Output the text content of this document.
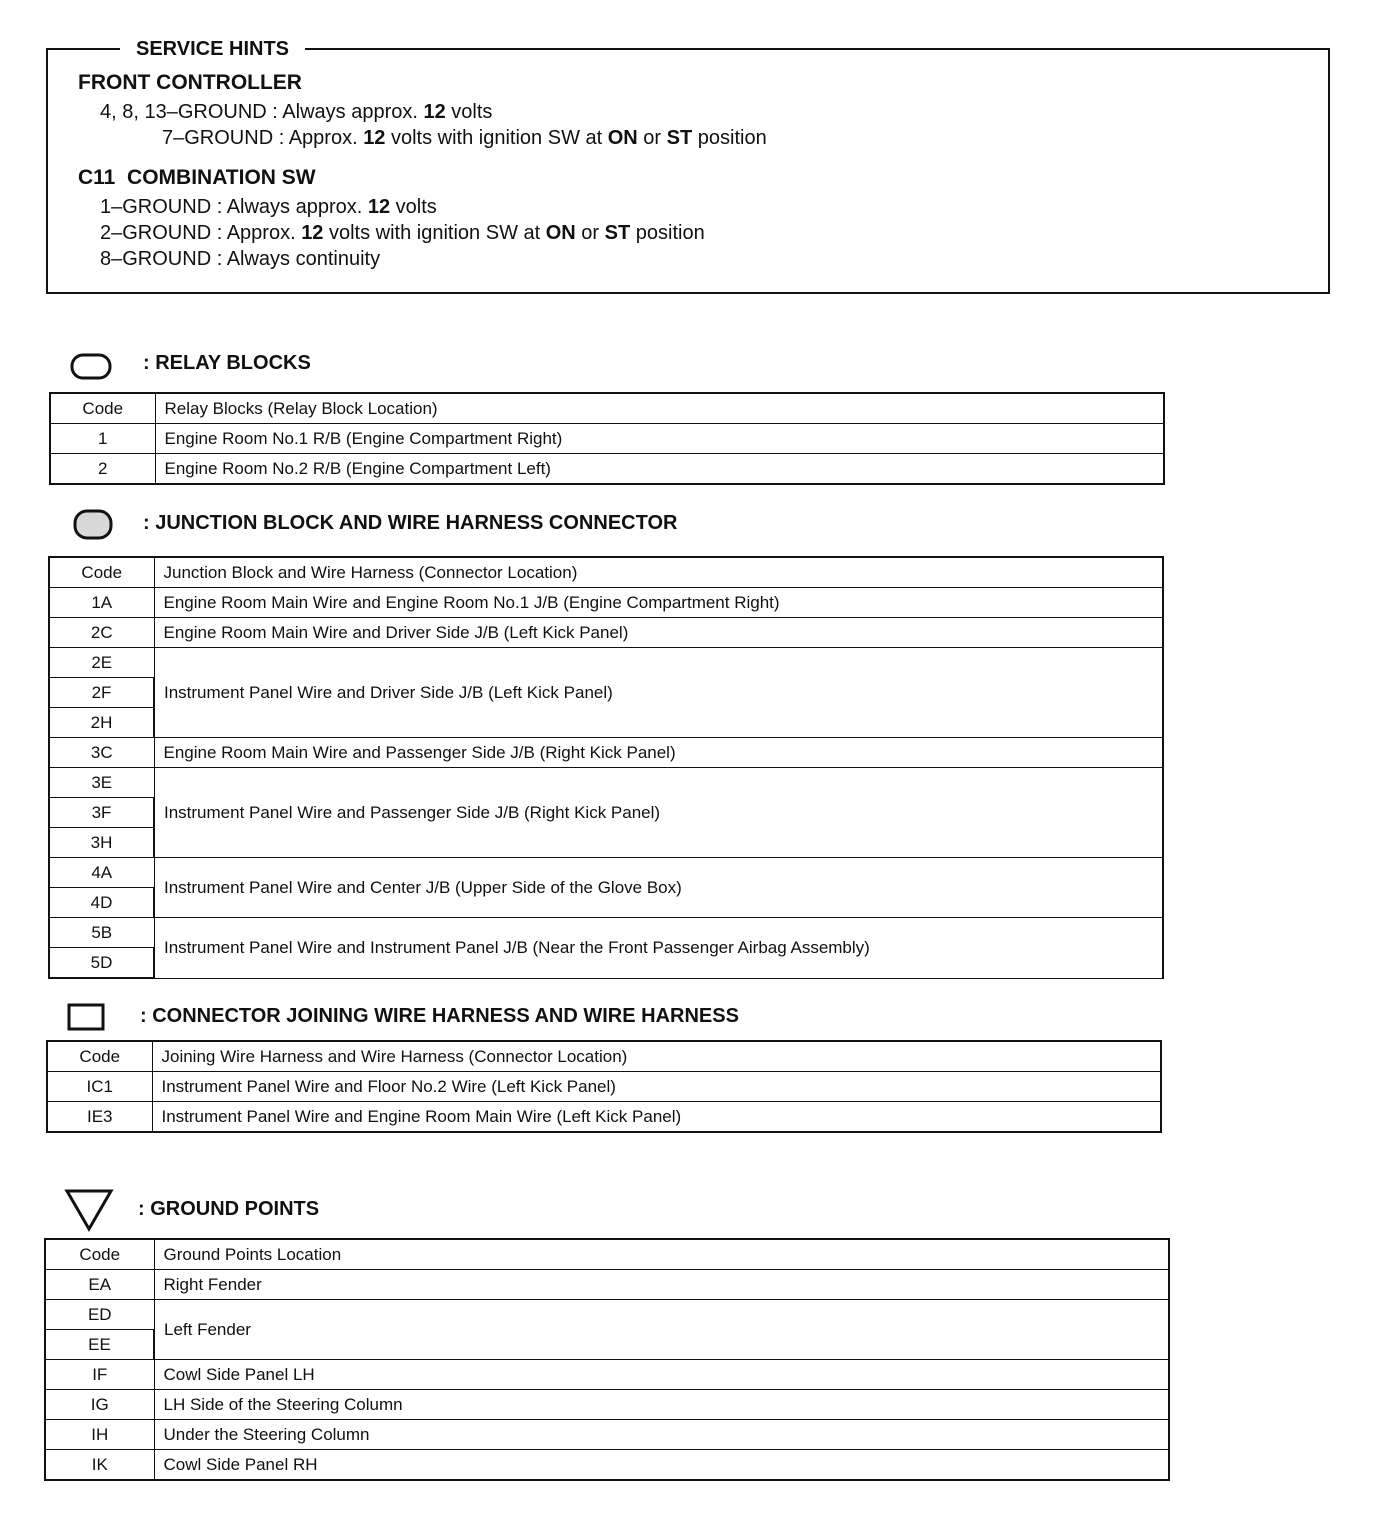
SERVICE HINTS
FRONT CONTROLLER
4, 8, 13–GROUND : Always approx. 12 volts
7–GROUND : Approx. 12 volts with ignition SW at ON or ST position
C11  COMBINATION SW
1–GROUND : Always approx. 12 volts
2–GROUND : Approx. 12 volts with ignition SW at ON or ST position
8–GROUND : Always continuity
: RELAY BLOCKS
Code	Relay Blocks (Relay Block Location)
1	Engine Room No.1 R/B (Engine Compartment Right)
2	Engine Room No.2 R/B (Engine Compartment Left)
: JUNCTION BLOCK AND WIRE HARNESS CONNECTOR
Code	Junction Block and Wire Harness (Connector Location)
1A	Engine Room Main Wire and Engine Room No.1 J/B (Engine Compartment Right)
2C	Engine Room Main Wire and Driver Side J/B (Left Kick Panel)
2E	Instrument Panel Wire and Driver Side J/B (Left Kick Panel)
2F	
2H	
3C	Engine Room Main Wire and Passenger Side J/B (Right Kick Panel)
3E	Instrument Panel Wire and Passenger Side J/B (Right Kick Panel)
3F	
3H	
4A	Instrument Panel Wire and Center J/B (Upper Side of the Glove Box)
4D	
5B	Instrument Panel Wire and Instrument Panel J/B (Near the Front Passenger Airbag Assembly)
5D	
: CONNECTOR JOINING WIRE HARNESS AND WIRE HARNESS
Code	Joining Wire Harness and Wire Harness (Connector Location)
IC1	Instrument Panel Wire and Floor No.2 Wire (Left Kick Panel)
IE3	Instrument Panel Wire and Engine Room Main Wire (Left Kick Panel)
: GROUND POINTS
Code	Ground Points Location
EA	Right Fender
ED	Left Fender
EE	
IF	Cowl Side Panel LH
IG	LH Side of the Steering Column
IH	Under the Steering Column
IK	Cowl Side Panel RH
